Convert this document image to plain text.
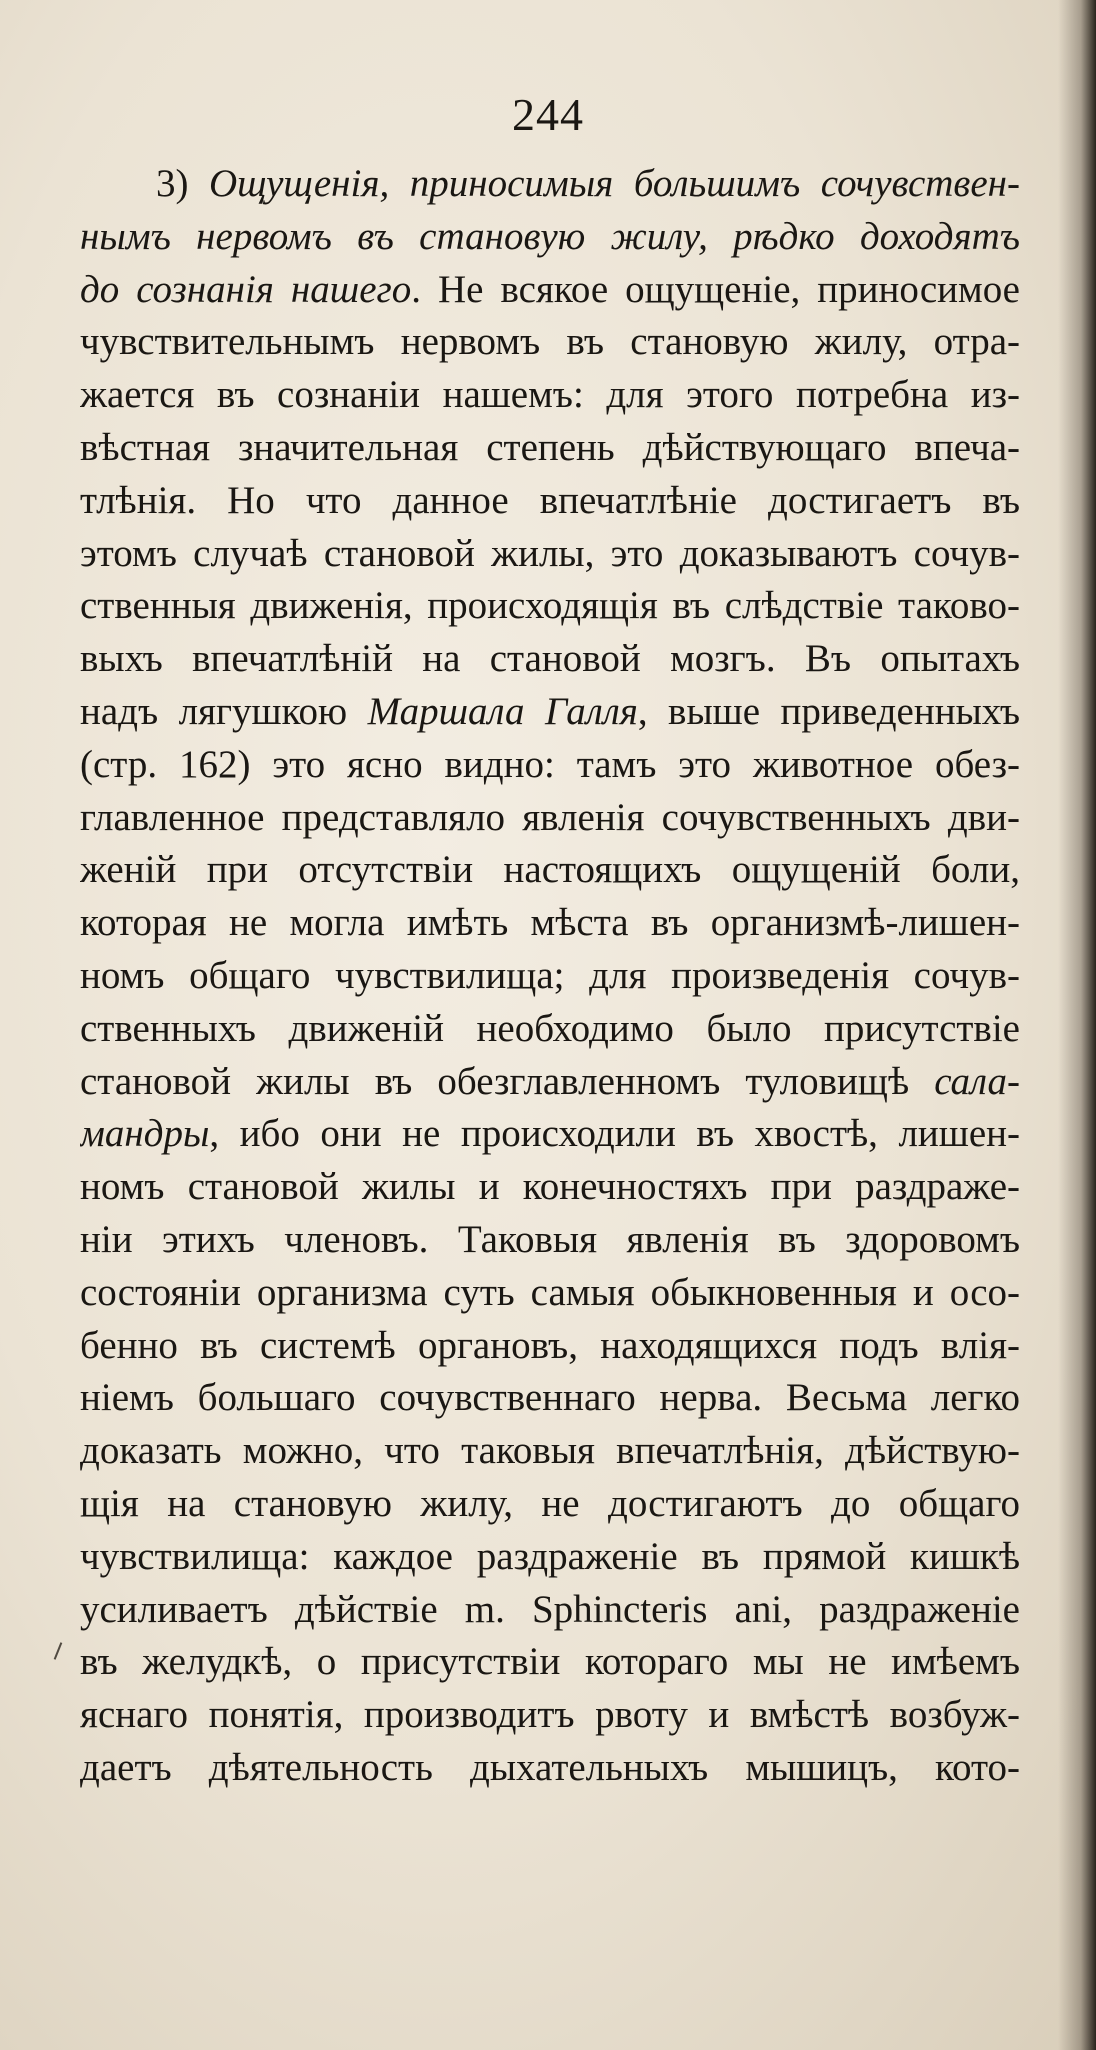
244
3) Ощущенія, приносимыя большимъ сочувствен-
нымъ нервомъ въ становую жилу, рѣдко доходятъ
до сознанія нашего. Не всякое ощущеніе, приносимое
чувствительнымъ нервомъ въ становую жилу, отра-
жается въ сознаніи нашемъ: для этого потребна из-
вѣстная значительная степень дѣйствующаго впеча-
тлѣнія. Но что данное впечатлѣніе достигаетъ въ
этомъ случаѣ становой жилы, это доказываютъ сочув-
ственныя движенія, происходящія въ слѣдствіе таково-
выхъ впечатлѣній на становой мозгъ. Въ опытахъ
надъ лягушкою Маршала Галля, выше приведенныхъ
(стр. 162) это ясно видно: тамъ это животное обез-
главленное представляло явленія сочувственныхъ дви-
женій при отсутствіи настоящихъ ощущеній боли,
которая не могла имѣть мѣста въ организмѣ-лишен-
номъ общаго чувствилища; для произведенія сочув-
ственныхъ движеній необходимо было присутствіе
становой жилы въ обезглавленномъ туловищѣ сала-
мандры, ибо они не происходили въ хвостѣ, лишен-
номъ становой жилы и конечностяхъ при раздраже-
ніи этихъ членовъ. Таковыя явленія въ здоровомъ
состояніи организма суть самыя обыкновенныя и осо-
бенно въ системѣ органовъ, находящихся подъ влія-
ніемъ большаго сочувственнаго нерва. Весьма легко
доказать можно, что таковыя впечатлѣнія, дѣйствую-
щія на становую жилу, не достигаютъ до общаго
чувствилища: каждое раздраженіе въ прямой кишкѣ
усиливаетъ дѣйствіе m. Sphincteris ani, раздраженіе
въ желудкѣ, о присутствіи котораго мы не имѣемъ
яснаго понятія, производитъ рвоту и вмѣстѣ возбуж-
даетъ дѣятельность дыхательныхъ мышицъ, кото-
